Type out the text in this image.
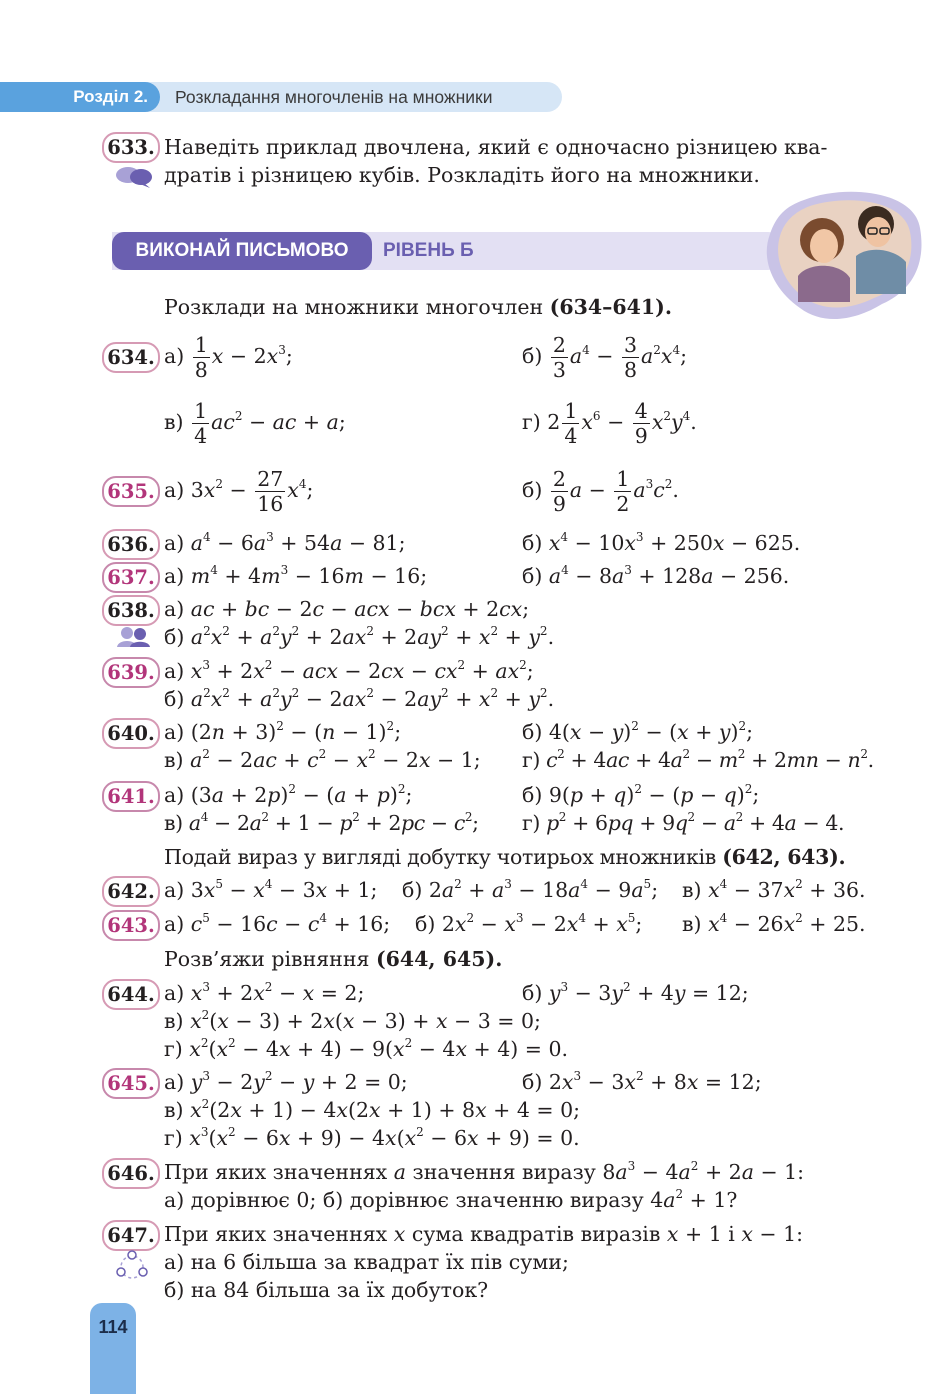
Розділ 2.	Розкладання многочленів на множники
633. Наведіть приклад двочлена, який є одночасно різницею ква-
дратів і різницею кубів. Розкладіть його на множники.
ВИКОНАЙ ПИСЬМОВО	РІВЕНЬ Б
Розклади на множники многочлен (634–641).
634. $а) \frac{1}{8}$ $x - 2x^3$;	$б) \frac{2}{3} a^4 - \frac{3}{8} a^2x^4$;
$в) \frac{1}{4} ac^2$ − ac + a;	г) $2 \frac{1}{4} x^6 - \frac{4}{9} x^2y^4$.
635. а) $3x^2 - \frac{27}{16} x^4$;	$б) \frac{2}{9}$ $a - \frac{1}{2} a^3c^2$.
636. а) $a^4 - 6a^3 + 54a - 81$;	б) $x^4 - 10x^3 + 250x - 625$.
637. а) $m^4 + 4m^3 - 16m - 16$;	б) $a^4 - 8a^3 + 128a - 256$.
638. а) ac + bc − 2c − acx − bcx + 2cx;
б) $a^2x^2 + a^2y^2 + 2ax^2 + 2ay^2 + x^2 + y^2$.
639. а) $x^3 + 2x^2$ − acx − $2cx - cx^2 + ax^2$;
б) $a^2x^2 + a^2y^2 - 2ax^2 - 2ay^2 + x^2 + y^2$.
640. а) $(2n + 3)^2 - (n - 1)^2$;	б) $4(x - y)^2 - (x + y)^2$;
в) $a^2 - 2ac + c^2 - x^2 - 2x - 1$; г) $c^2 + 4ac + 4a^2 - m^2 + 2mn - n^2$.
641. а) $(3a + 2p)^2 - (a + p)^2$;	б) $9(p + q)^2 - (p - q)^2$;
в) $a^4 - 2a^2 + 1 - p^2 + 2pc - c^2$; г) $p^2 + 6pq + 9q^2 - a^2 + 4a - 4$.
Подай вираз у вигляді добутку чотирьох множників (642, 643).
642. а) $3x^5 - x^4 - 3x + 1$; б) $2a^2 + a^3 - 18a^4 - 9a^5$; в) $x^4 - 37x^2 + 36$.
643. а) $c^5 - 16c - c^4 + 16$; б) $2x^2 - x^3 - 2x^4 + x^5$; в) $x^4 - 26x^2 + 25$.
Розв’яжи рівняння (644, 645).
644. а) $x^3 + 2x^2 - x = 2$;	б) $y^3 - 3y^2 + 4y = 12$;
в) $x^2(x - 3) + 2x(x - 3) + x - 3 = 0$;
г) $x^2(x^2 - 4x + 4) - 9(x^2 - 4x + 4) = 0$.
645. а) $y^3 - 2y^2 - y + 2 = 0$;	б) $2x^3 - 3x^2 + 8x = 12$;
в) $x^2(2x + 1) - 4x(2x + 1) + 8x + 4 = 0$;
г) $x^3(x^2 - 6x + 9) - 4x(x^2 - 6x + 9) = 0$.
646. При яких значеннях a значення виразу $8a^3 - 4a^2 + 2a - 1$:
а) дорівнює 0; б) дорівнює значенню виразу $4a^2 + 1$?
647. При яких значеннях x сума квадратів виразів x + 1 і x − 1:
а) на 6 більша за квадрат їх пів суми;
б) на 84 більша за їх добуток?
114
